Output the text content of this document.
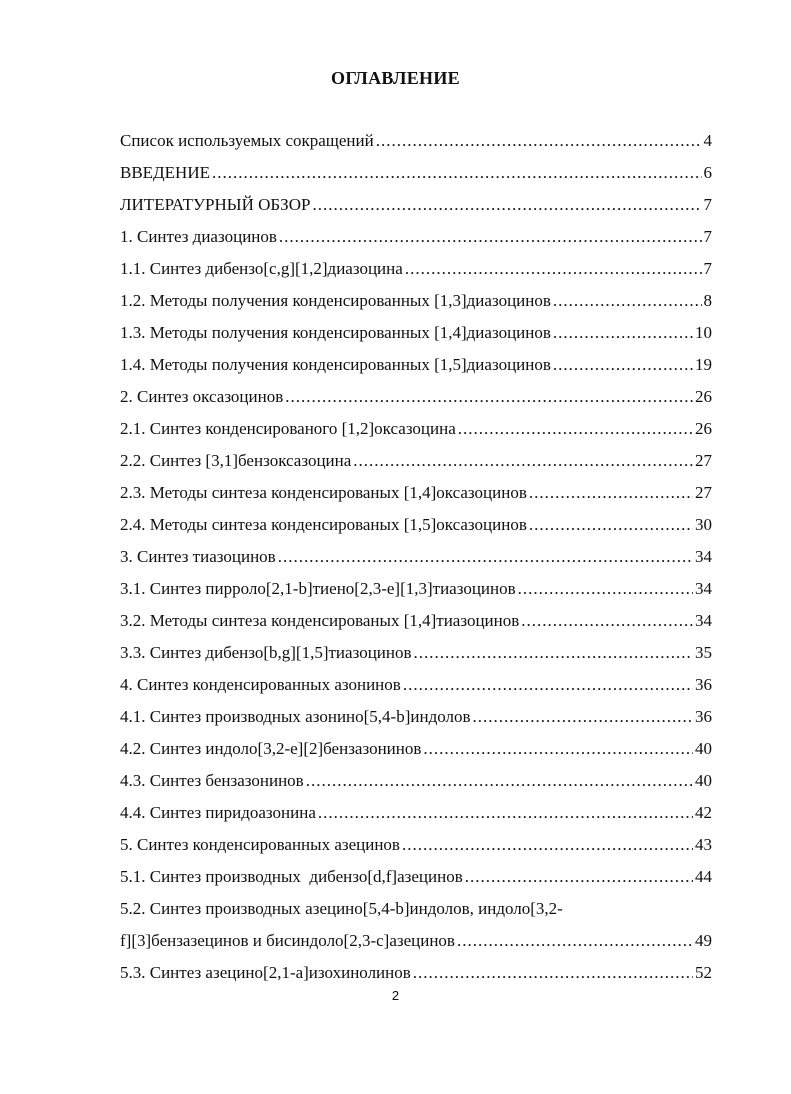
ОГЛАВЛЕНИЕ
Список используемых сокращений .....	4
ВВЕДЕНИЕ .....	6
ЛИТЕРАТУРНЫЙ ОБЗОР .....	7
1. Синтез диазоцинов .....	7
1.1. Синтез дибензо[c,g][1,2]диазоцина .....	7
1.2. Методы получения конденсированных [1,3]диазоцинов .....	8
1.3. Методы получения конденсированных [1,4]диазоцинов .....	10
1.4. Методы получения конденсированных [1,5]диазоцинов .....	19
2. Синтез оксазоцинов .....	26
2.1. Синтез конденсированого [1,2]оксазоцина .....	26
2.2. Синтез [3,1]бензоксазоцина .....	27
2.3. Методы синтеза конденсированых [1,4]оксазоцинов .....	27
2.4. Методы синтеза конденсированых [1,5]оксазоцинов .....	30
3. Синтез тиазоцинов .....	34
3.1. Синтез пирроло[2,1-b]тиено[2,3-e][1,3]тиазоцинов .....	34
3.2. Методы синтеза конденсированых [1,4]тиазоцинов .....	34
3.3. Синтез дибензо[b,g][1,5]тиазоцинов .....	35
4. Синтез конденсированных азонинов .....	36
4.1. Синтез производных азонино[5,4-b]индолов .....	36
4.2. Синтез индоло[3,2-e][2]бензазонинов .....	40
4.3. Синтез бензазонинов .....	40
4.4. Синтез пиридоазонина .....	42
5. Синтез конденсированных азецинов .....	43
5.1. Синтез производных  дибензо[d,f]азецинов .....	44
5.2. Синтез производных азецино[5,4-b]индолов, индоло[3,2-
f][3]бензазецинов и бисиндоло[2,3-c]азецинов .....	49
5.3. Синтез азецино[2,1-a]изохинолинов .....	52
2
